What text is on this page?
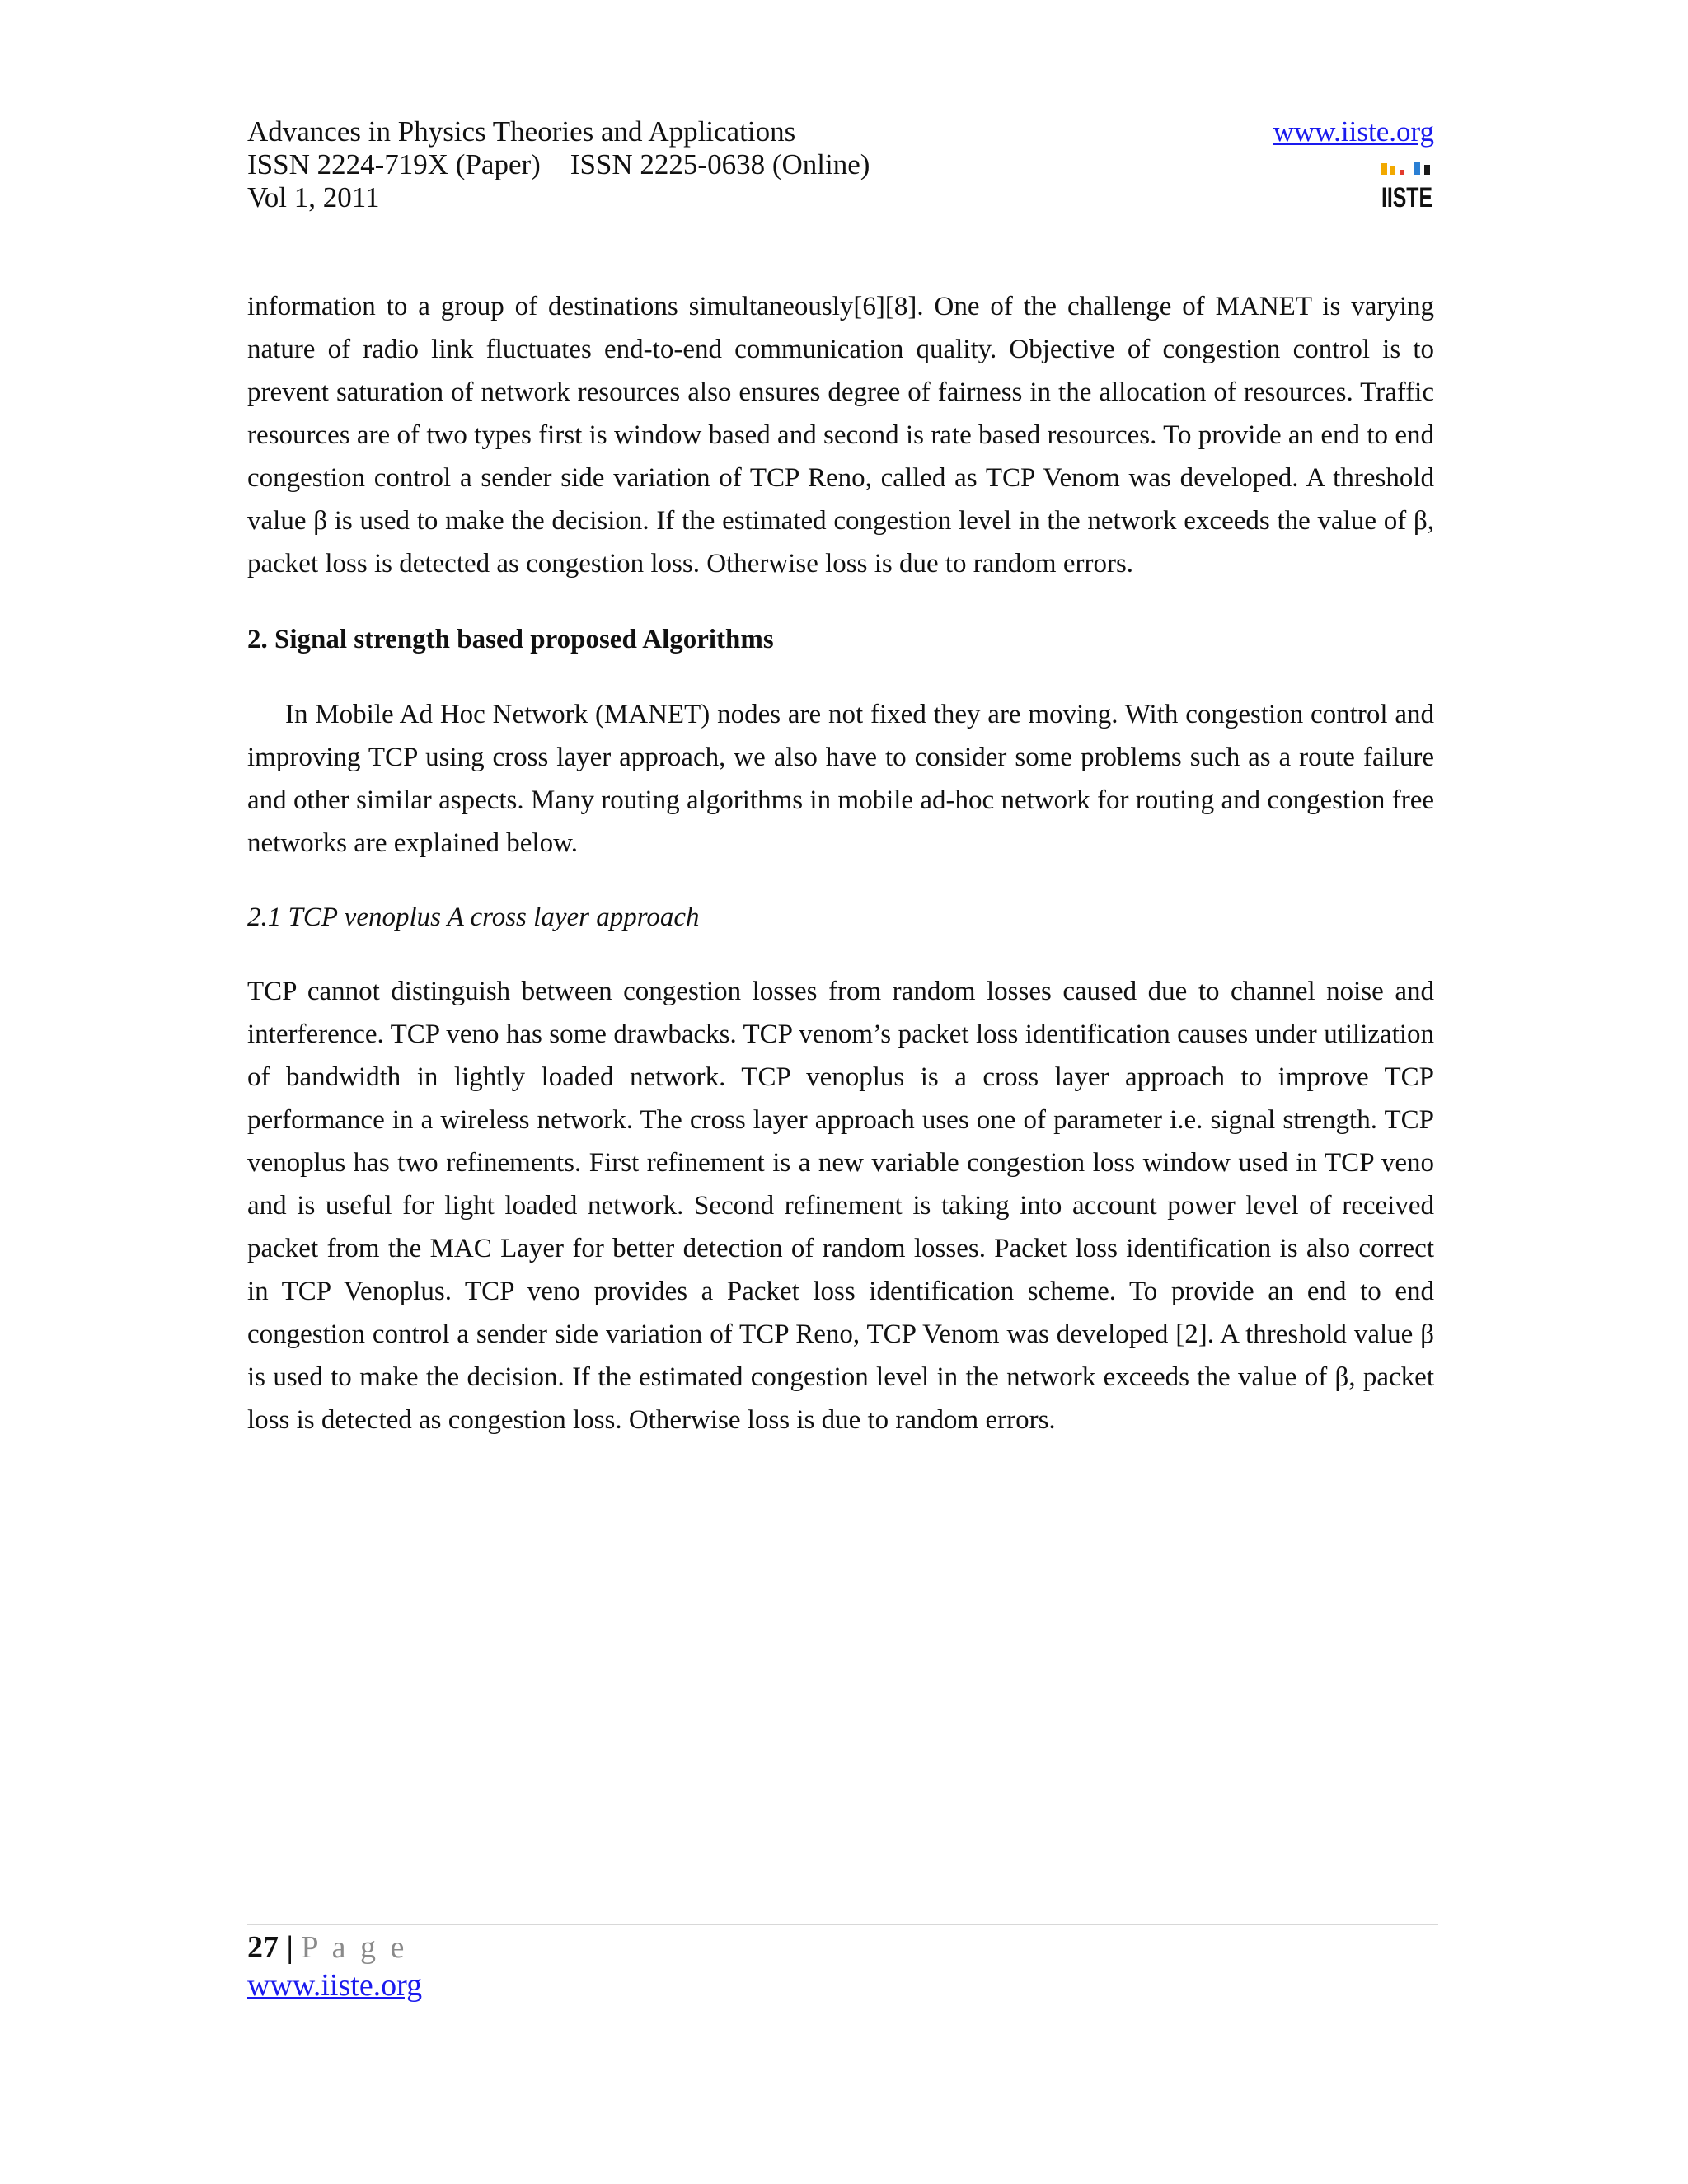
Advances in Physics Theories and Applications
ISSN 2224-719X (Paper) ISSN 2225-0638 (Online)
Vol 1, 2011
www.iiste.org
IISTE

information to a group of destinations simultaneously[6][8]. One of the challenge of MANET is varying nature of radio link fluctuates end-to-end communication quality. Objective of congestion control is to prevent saturation of network resources also ensures degree of fairness in the allocation of resources. Traffic resources are of two types first is window based and second is rate based resources. To provide an end to end congestion control a sender side variation of TCP Reno, called as TCP Venom was developed. A threshold value β is used to make the decision. If the estimated congestion level in the network exceeds the value of β, packet loss is detected as congestion loss. Otherwise loss is due to random errors.

2. Signal strength based proposed Algorithms

In Mobile Ad Hoc Network (MANET) nodes are not fixed they are moving. With congestion control and improving TCP using cross layer approach, we also have to consider some problems such as a route failure and other similar aspects. Many routing algorithms in mobile ad-hoc network for routing and congestion free networks are explained below.

2.1 TCP venoplus A cross layer approach

TCP cannot distinguish between congestion losses from random losses caused due to channel noise and interference. TCP veno has some drawbacks. TCP venom’s packet loss identification causes under utilization of bandwidth in lightly loaded network. TCP venoplus is a cross layer approach to improve TCP performance in a wireless network. The cross layer approach uses one of parameter i.e. signal strength. TCP venoplus has two refinements. First refinement is a new variable congestion loss window used in TCP veno and is useful for light loaded network. Second refinement is taking into account power level of received packet from the MAC Layer for better detection of random losses. Packet loss identification is also correct in TCP Venoplus. TCP veno provides a Packet loss identification scheme. To provide an end to end congestion control a sender side variation of TCP Reno, TCP Venom was developed [2]. A threshold value β is used to make the decision. If the estimated congestion level in the network exceeds the value of β, packet loss is detected as congestion loss. Otherwise loss is due to random errors.

27 | P a g e
www.iiste.org
